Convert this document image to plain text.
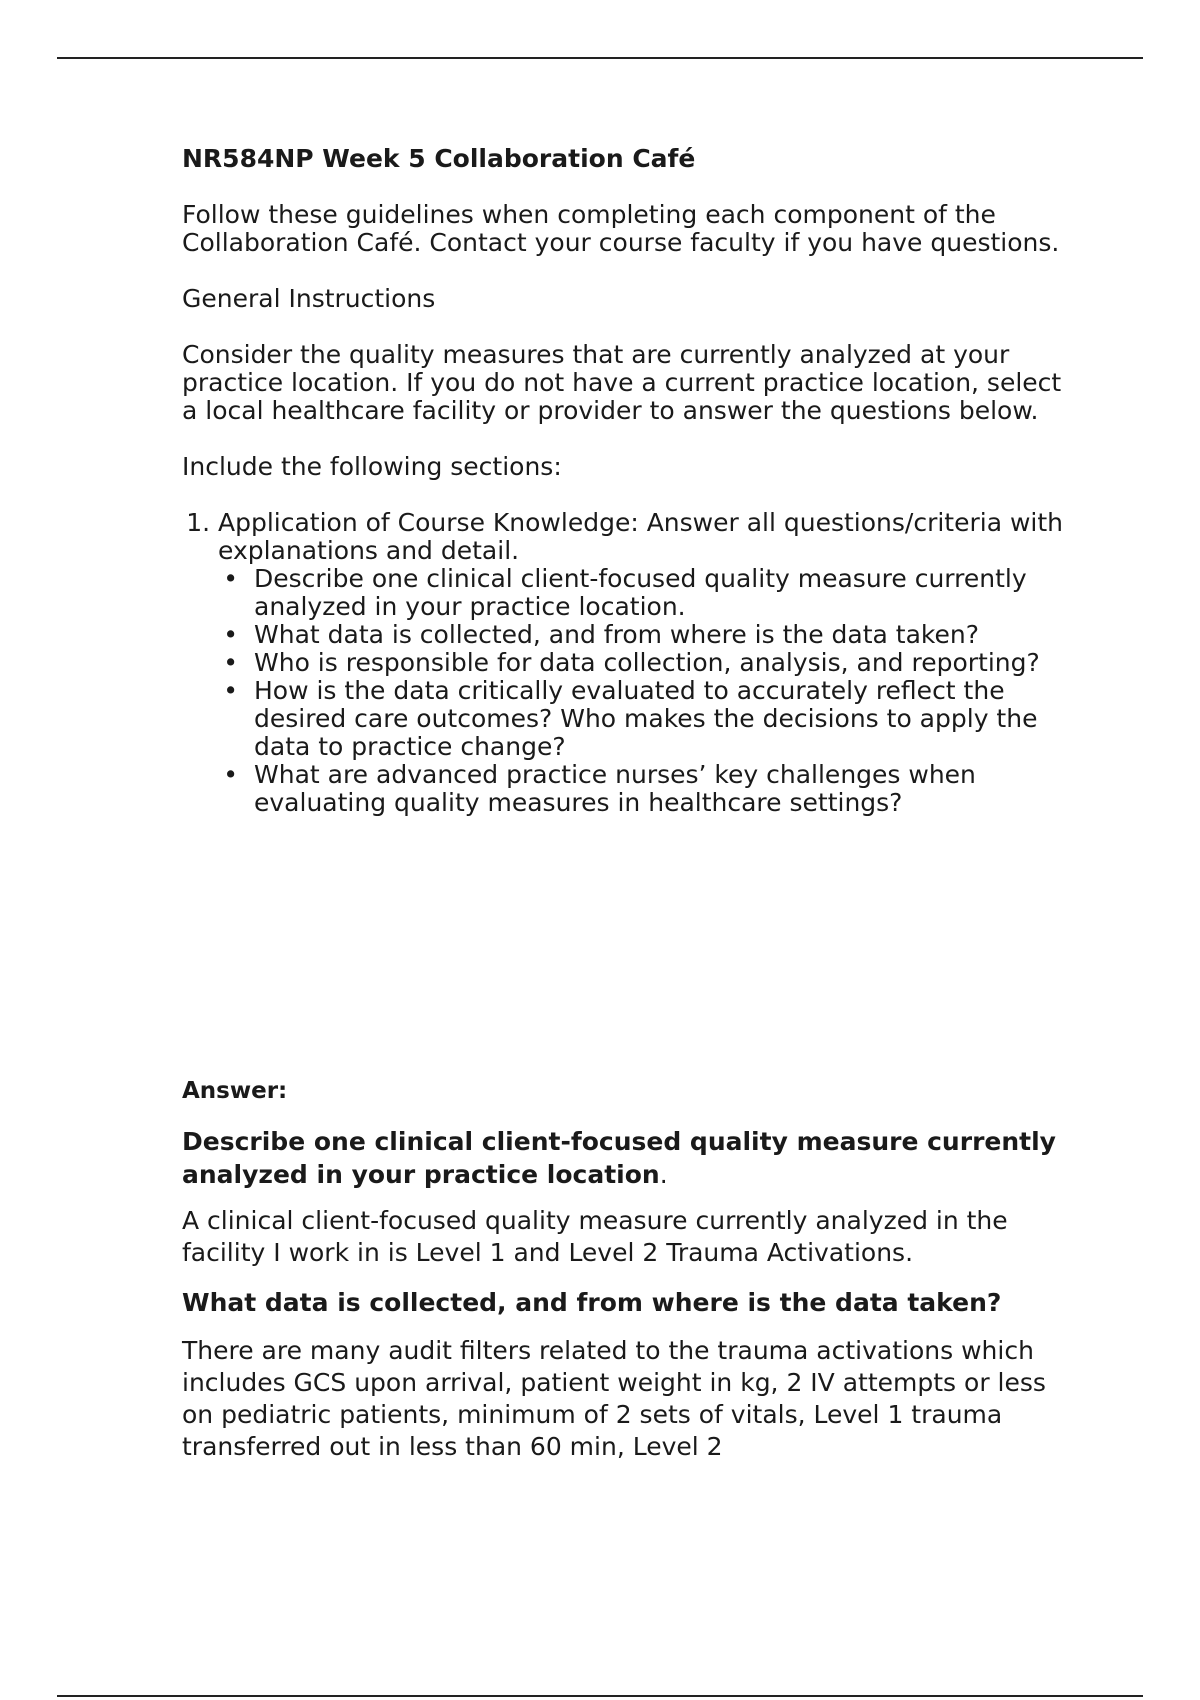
NR584NP Week 5 Collaboration Café

Follow these guidelines when completing each component of the Collaboration Café. Contact your course faculty if you have questions.

General Instructions

Consider the quality measures that are currently analyzed at your practice location. If you do not have a current practice location, select a local healthcare facility or provider to answer the questions below.

Include the following sections:

1. Application of Course Knowledge: Answer all questions/criteria with explanations and detail.
• Describe one clinical client-focused quality measure currently analyzed in your practice location.
• What data is collected, and from where is the data taken?
• Who is responsible for data collection, analysis, and reporting?
• How is the data critically evaluated to accurately reflect the desired care outcomes? Who makes the decisions to apply the data to practice change?
• What are advanced practice nurses’ key challenges when evaluating quality measures in healthcare settings?

Answer:

Describe one clinical client-focused quality measure currently analyzed in your practice location.

A clinical client-focused quality measure currently analyzed in the facility I work in is Level 1 and Level 2 Trauma Activations.

What data is collected, and from where is the data taken?

There are many audit filters related to the trauma activations which includes GCS upon arrival, patient weight in kg, 2 IV attempts or less on pediatric patients, minimum of 2 sets of vitals, Level 1 trauma transferred out in less than 60 min, Level 2
